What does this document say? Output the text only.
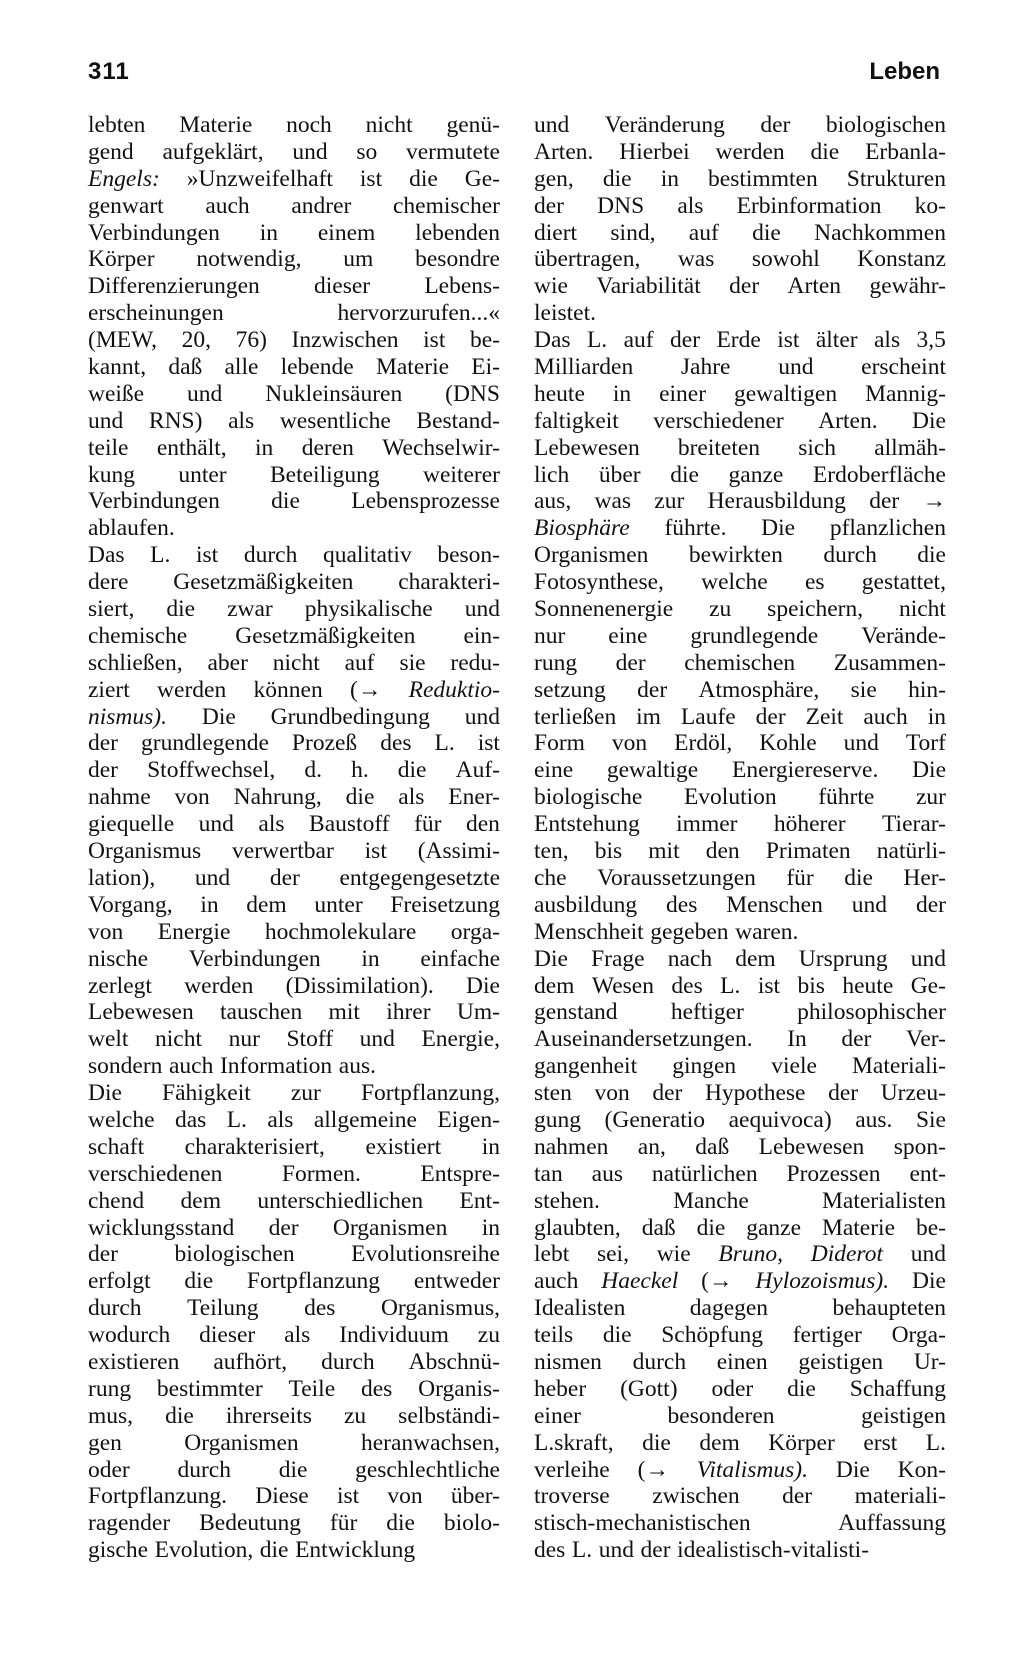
311	Leben
lebten Materie noch nicht genü-
gend aufgeklärt, und so vermutete
Engels: »Unzweifelhaft ist die Ge-
genwart auch andrer chemischer
Verbindungen in einem lebenden
Körper notwendig, um besondre
Differenzierungen dieser Lebens-
erscheinungen	hervorzurufen...«
(MEW, 20, 76) Inzwischen ist be-
kannt, daß alle lebende Materie Ei-
weiße und Nukleinsäuren (DNS
und RNS) als wesentliche Bestand-
teile enthält, in deren Wechselwir-
kung unter Beteiligung weiterer
Verbindungen die Lebensprozesse
ablaufen.
Das L. ist durch qualitativ beson-
dere Gesetzmäßigkeiten charakteri-
siert, die zwar physikalische und
chemische Gesetzmäßigkeiten ein-
schließen, aber nicht auf sie redu-
ziert werden können (→ Reduktio-
nismus). Die Grundbedingung und
der grundlegende Prozeß des L. ist
der Stoffwechsel, d. h. die Auf-
nahme von Nahrung, die als Ener-
giequelle und als Baustoff für den
Organismus verwertbar ist (Assimi-
lation), und der entgegengesetzte
Vorgang, in dem unter Freisetzung
von Energie hochmolekulare orga-
nische Verbindungen in einfache
zerlegt werden (Dissimilation). Die
Lebewesen tauschen mit ihrer Um-
welt nicht nur Stoff und Energie,
sondern auch Information aus.
Die Fähigkeit zur Fortpflanzung,
welche das L. als allgemeine Eigen-
schaft charakterisiert, existiert in
verschiedenen	Formen.	Entspre-
chend dem unterschiedlichen Ent-
wicklungsstand der Organismen in
der biologischen Evolutionsreihe
erfolgt die Fortpflanzung entweder
durch Teilung des Organismus,
wodurch dieser als Individuum zu
existieren aufhört, durch Abschnü-
rung bestimmter Teile des Organis-
mus, die ihrerseits zu selbständi-
gen	Organismen	heranwachsen,
oder durch die geschlechtliche
Fortpflanzung. Diese ist von über-
ragender Bedeutung für die biolo-
gische Evolution, die Entwicklung
und Veränderung der biologischen
Arten. Hierbei werden die Erbanla-
gen, die in bestimmten Strukturen
der DNS als Erbinformation ko-
diert sind, auf die Nachkommen
übertragen, was sowohl Konstanz
wie Variabilität der Arten gewähr-
leistet.
Das L. auf der Erde ist älter als 3,5
Milliarden Jahre und erscheint
heute in einer gewaltigen Mannig-
faltigkeit verschiedener Arten. Die
Lebewesen breiteten sich allmäh-
lich über die ganze Erdoberfläche
aus, was zur Herausbildung der →
Biosphäre führte. Die pflanzlichen
Organismen bewirkten durch die
Fotosynthese, welche es gestattet,
Sonnenenergie zu speichern, nicht
nur eine grundlegende Verände-
rung der chemischen Zusammen-
setzung der Atmosphäre, sie hin-
terließen im Laufe der Zeit auch in
Form von Erdöl, Kohle und Torf
eine gewaltige Energiereserve. Die
biologische Evolution führte zur
Entstehung immer höherer Tierar-
ten, bis mit den Primaten natürli-
che Voraussetzungen für die Her-
ausbildung des Menschen und der
Menschheit gegeben waren.
Die Frage nach dem Ursprung und
dem Wesen des L. ist bis heute Ge-
genstand heftiger philosophischer
Auseinandersetzungen. In der Ver-
gangenheit gingen viele Materiali-
sten von der Hypothese der Urzeu-
gung (Generatio aequivoca) aus. Sie
nahmen an, daß Lebewesen spon-
tan aus natürlichen Prozessen ent-
stehen.	Manche	Materialisten
glaubten, daß die ganze Materie be-
lebt sei, wie Bruno, Diderot und
auch Haeckel (→ Hylozoismus). Die
Idealisten	dagegen	behaupteten
teils die Schöpfung fertiger Orga-
nismen durch einen geistigen Ur-
heber (Gott) oder die Schaffung
einer	besonderen	geistigen
L.skraft, die dem Körper erst L.
verleihe (→ Vitalismus). Die Kon-
troverse zwischen der materiali-
stisch-mechanistischen	Auffassung
des L. und der idealistisch-vitalisti-
